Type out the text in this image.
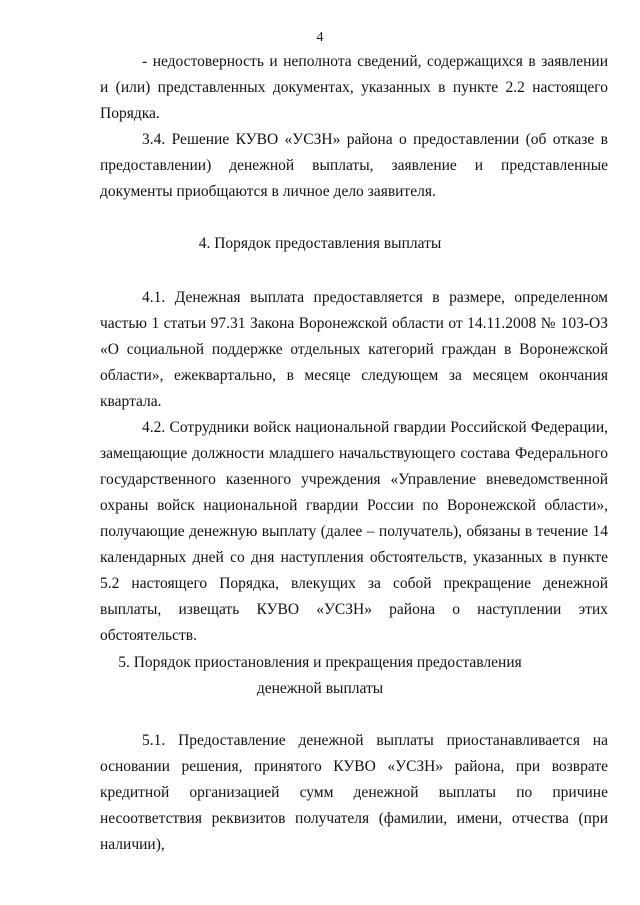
4

- недостоверность и неполнота сведений, содержащихся в заявлении и (или) представленных документах, указанных в пункте 2.2 настоящего Порядка.

3.4. Решение КУВО «УСЗН» района о предоставлении (об отказе в предоставлении) денежной выплаты, заявление и представленные документы приобщаются в личное дело заявителя.

4. Порядок предоставления выплаты

4.1. Денежная выплата предоставляется в размере, определенном частью 1 статьи 97.31 Закона Воронежской области от 14.11.2008 № 103-ОЗ «О социальной поддержке отдельных категорий граждан в Воронежской области», ежеквартально, в месяце следующем за месяцем окончания квартала.

4.2. Сотрудники войск национальной гвардии Российской Федерации, замещающие должности младшего начальствующего состава Федерального государственного казенного учреждения «Управление вневедомственной охраны войск национальной гвардии России по Воронежской области», получающие денежную выплату (далее – получатель), обязаны в течение 14 календарных дней со дня наступления обстоятельств, указанных в пункте 5.2 настоящего Порядка, влекущих за собой прекращение денежной выплаты, извещать КУВО «УСЗН» района о наступлении этих обстоятельств.

5. Порядок приостановления и прекращения предоставления
денежной выплаты

5.1. Предоставление денежной выплаты приостанавливается на основании решения, принятого КУВО «УСЗН» района, при возврате кредитной организацией сумм денежной выплаты по причине несоответствия реквизитов получателя (фамилии, имени, отчества (при наличии),
